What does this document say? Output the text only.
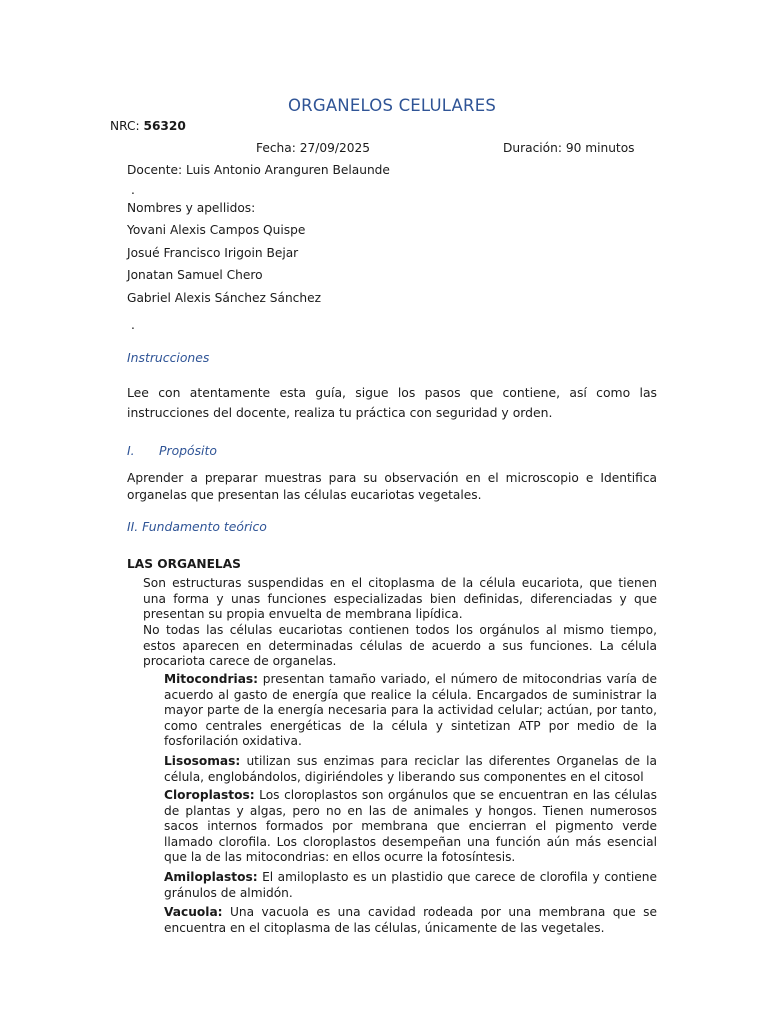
ORGANELOS CELULARES
NRC: 56320
Fecha: 27/09/2025	Duración: 90 minutos
Docente: Luis Antonio Aranguren Belaunde
.
Nombres y apellidos:
Yovani Alexis Campos Quispe
Josué Francisco Irigoin Bejar
Jonatan Samuel Chero
Gabriel Alexis Sánchez Sánchez
.
Instrucciones
Lee con atentamente esta guía, sigue los pasos que contiene, así como las instrucciones del docente, realiza tu práctica con seguridad y orden.
I. Propósito
Aprender a preparar muestras para su observación en el microscopio e Identifica organelas que presentan las células eucariotas vegetales.
II. Fundamento teórico
LAS ORGANELAS
Son estructuras suspendidas en el citoplasma de la célula eucariota, que tienen una forma y unas funciones especializadas bien definidas, diferenciadas y que presentan su propia envuelta de membrana lipídica.
No todas las células eucariotas contienen todos los orgánulos al mismo tiempo, estos aparecen en determinadas células de acuerdo a sus funciones. La célula procariota carece de organelas.
Mitocondrias: presentan tamaño variado, el número de mitocondrias varía de acuerdo al gasto de energía que realice la célula. Encargados de suministrar la mayor parte de la energía necesaria para la actividad celular; actúan, por tanto, como centrales energéticas de la célula y sintetizan ATP por medio de la fosforilación oxidativa.
Lisosomas: utilizan sus enzimas para reciclar las diferentes Organelas de la célula, englobándolos, digiriéndoles y liberando sus componentes en el citosol
Cloroplastos: Los cloroplastos son orgánulos que se encuentran en las células de plantas y algas, pero no en las de animales y hongos. Tienen numerosos sacos internos formados por membrana que encierran el pigmento verde llamado clorofila. Los cloroplastos desempeñan una función aún más esencial que la de las mitocondrias: en ellos ocurre la fotosíntesis.
Amiloplastos: El amiloplasto es un plastidio que carece de clorofila y contiene gránulos de almidón.
Vacuola: Una vacuola es una cavidad rodeada por una membrana que se encuentra en el citoplasma de las células, únicamente de las vegetales.
